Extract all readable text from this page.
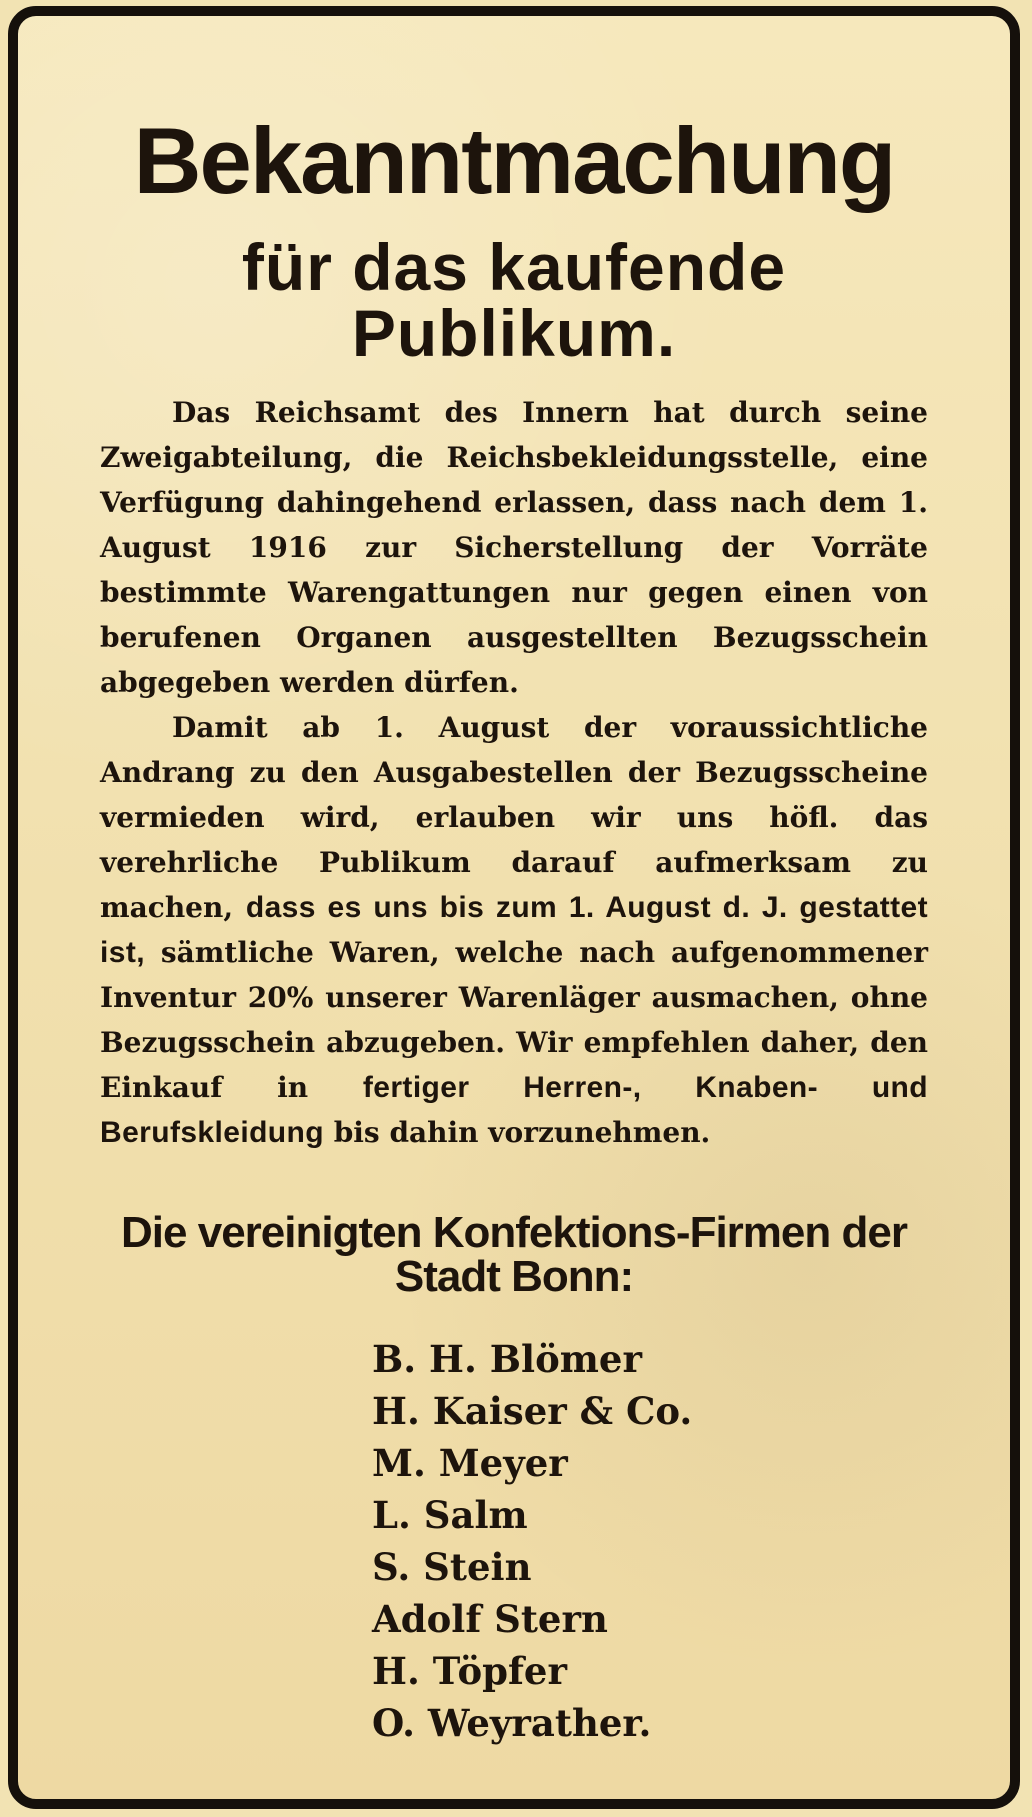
Bekanntmachung
für das kaufende Publikum.

Das Reichsamt des Innern hat durch seine Zweigabteilung, die Reichsbekleidungsstelle, eine Verfügung dahingehend erlassen, dass nach dem 1. August 1916 zur Sicherstellung der Vorräte bestimmte Warengattungen nur gegen einen von berufenen Organen ausgestellten Bezugsschein abgegeben werden dürfen.

Damit ab 1. August der voraussichtliche Andrang zu den Ausgabestellen der Bezugsscheine vermieden wird, erlauben wir uns höfl. das verehrliche Publikum darauf aufmerksam zu machen, dass es uns bis zum 1. August d. J. gestattet ist, sämtliche Waren, welche nach aufgenommener Inventur 20% unserer Warenläger ausmachen, ohne Bezugsschein abzugeben. Wir empfehlen daher, den Einkauf in fertiger Herren-, Knaben- und Berufskleidung bis dahin vorzunehmen.

Die vereinigten Konfektions-Firmen der Stadt Bonn:
B. H. Blömer
H. Kaiser & Co.
M. Meyer
L. Salm
S. Stein
Adolf Stern
H. Töpfer
O. Weyrather.
